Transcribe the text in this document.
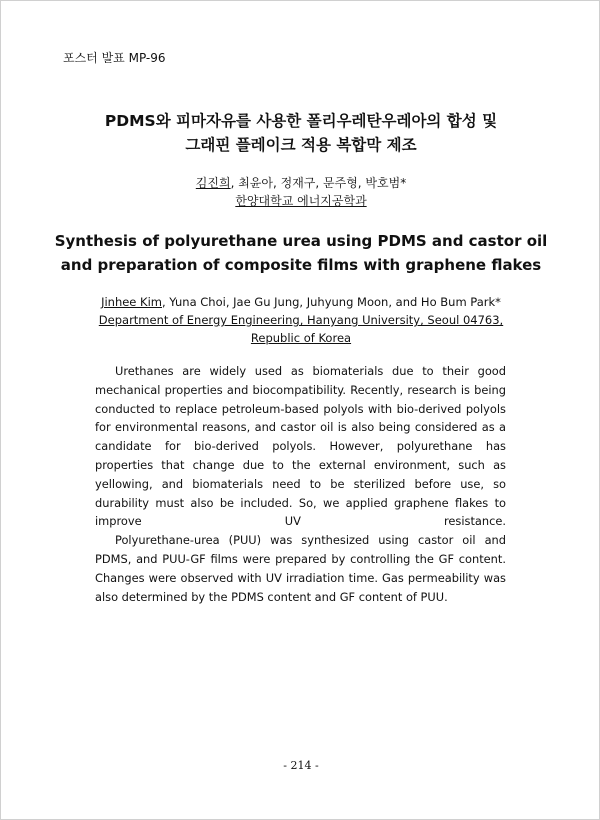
포스터 발표 MP-96
PDMS와 피마자유를 사용한 폴리우레탄우레아의 합성 및
그래핀 플레이크 적용 복합막 제조
김진희, 최윤아, 정재구, 문주형, 박호범*
한양대학교 에너지공학과
Synthesis of polyurethane urea using PDMS and castor oil
and preparation of composite films with graphene flakes
Jinhee Kim, Yuna Choi, Jae Gu Jung, Juhyung Moon, and Ho Bum Park*
Department of Energy Engineering, Hanyang University, Seoul 04763,
Republic of Korea

Urethanes are widely used as biomaterials due to their good mechanical properties and biocompatibility. Recently, research is being conducted to replace petroleum-based polyols with bio-derived polyols for environmental reasons, and castor oil is also being considered as a candidate for bio-derived polyols. However, polyurethane has properties that change due to the external environment, such as yellowing, and biomaterials need to be sterilized before use, so durability must also be included. So, we applied graphene flakes to improve UV resistance.

Polyurethane-urea (PUU) was synthesized using castor oil and PDMS, and PUU-GF films were prepared by controlling the GF content. Changes were observed with UV irradiation time. Gas permeability was also determined by the PDMS content and GF content of PUU.

- 214 -
